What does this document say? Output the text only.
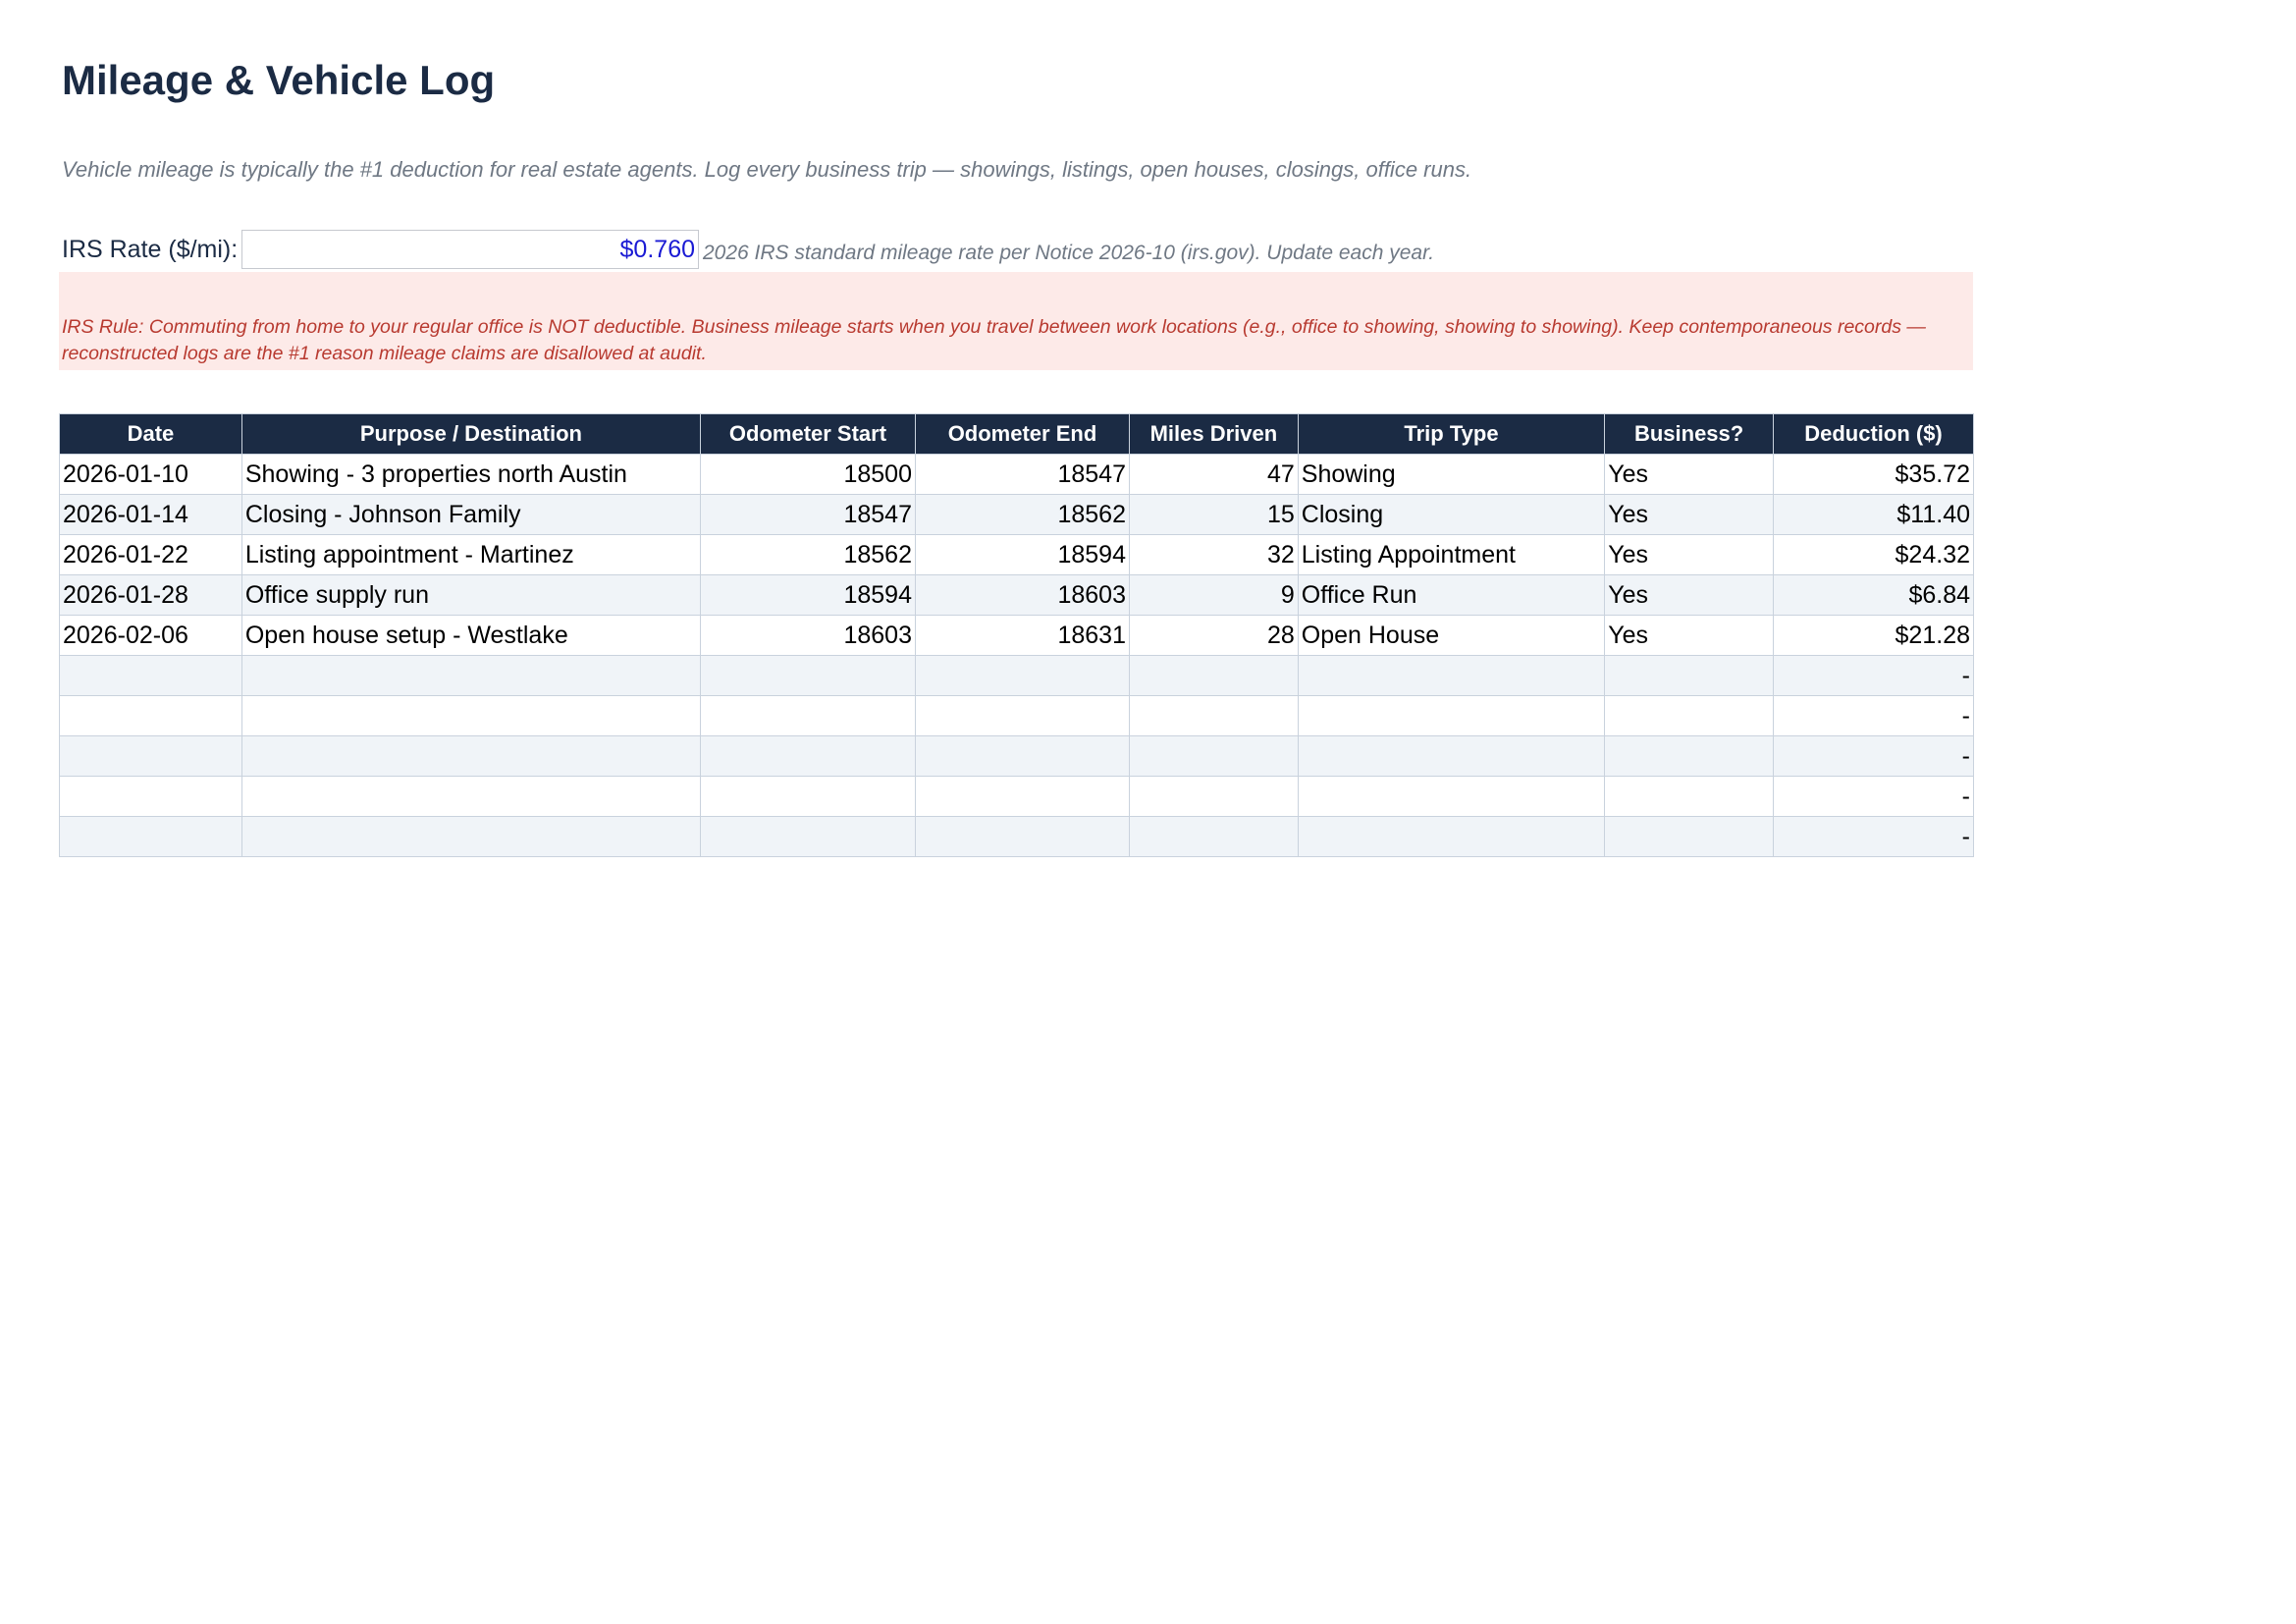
Mileage & Vehicle Log
Vehicle mileage is typically the #1 deduction for real estate agents. Log every business trip — showings, listings, open houses, closings, office runs.
IRS Rate ($/mi):
$0.760	2026 IRS standard mileage rate per Notice 2026-10 (irs.gov). Update each year.
IRS Rule: Commuting from home to your regular office is NOT deductible. Business mileage starts when you travel between work locations (e.g., office to showing, showing to showing). Keep contemporaneous records — reconstructed logs are the #1 reason mileage claims are disallowed at audit.
Date	Purpose / Destination	Odometer Start	Odometer End	Miles Driven	Trip Type	Business?	Deduction ($)
2026-01-10	Showing - 3 properties north Austin	18500	18547	47	Showing	Yes	$35.72
2026-01-14	Closing - Johnson Family	18547	18562	15	Closing	Yes	$11.40
2026-01-22	Listing appointment - Martinez	18562	18594	32	Listing Appointment	Yes	$24.32
2026-01-28	Office supply run	18594	18603	9	Office Run	Yes	$6.84
2026-02-06	Open house setup - Westlake	18603	18631	28	Open House	Yes	$21.28
							-
							-
							-
							-
							-
